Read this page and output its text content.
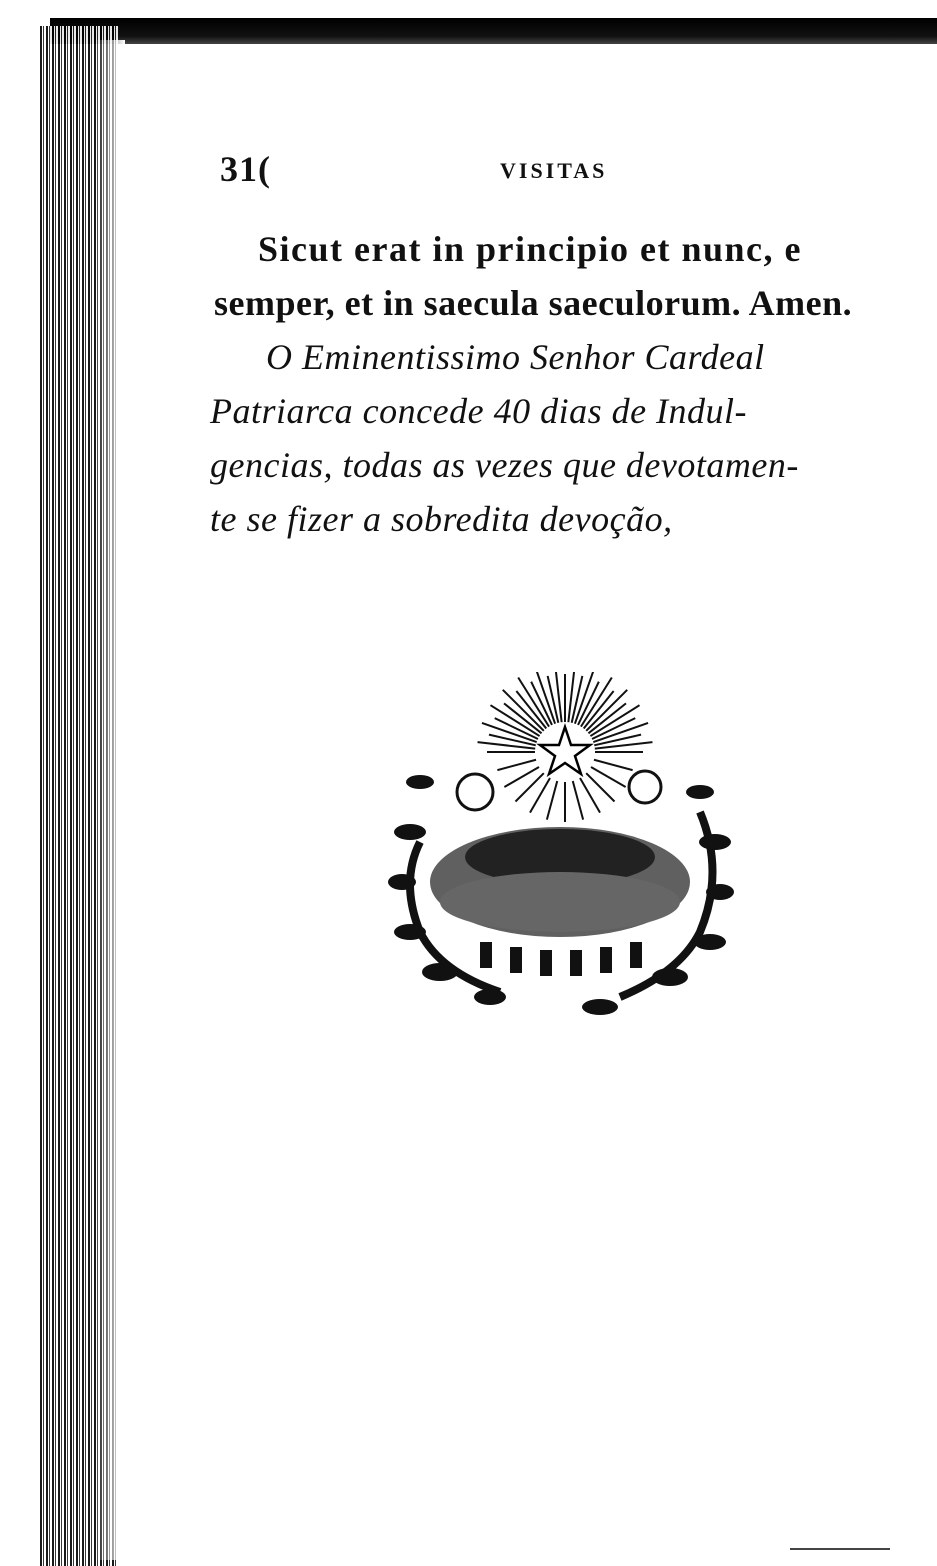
31(	VISITAS
Sicut erat in principio et nunc, e
semper, et in saecula saeculorum. Amen.
O Eminentissimo Senhor Cardeal
Patriarca concede 40 dias de Indul-
gencias, todas as vezes que devotamen-
te se fizer a sobredita devoção,
